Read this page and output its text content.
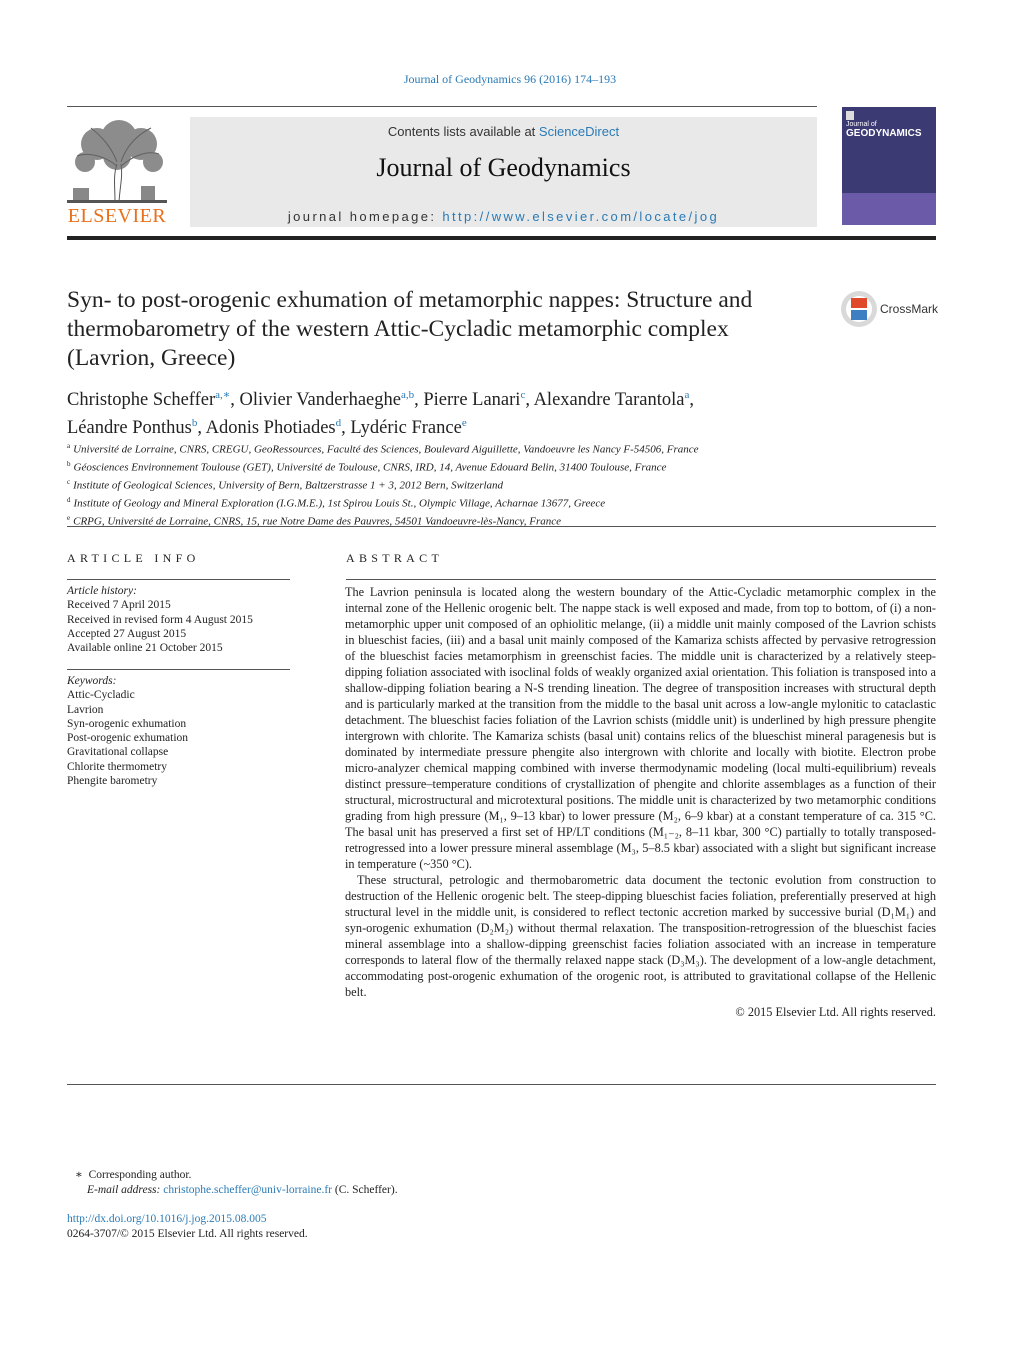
Journal of Geodynamics 96 (2016) 174–193
ELSEVIER
Contents lists available at ScienceDirect
Journal of Geodynamics
journal homepage: http://www.elsevier.com/locate/jog
Journal of
GEODYNAMICS
Syn- to post-orogenic exhumation of metamorphic nappes: Structure and thermobarometry of the western Attic-Cycladic metamorphic complex (Lavrion, Greece)
CrossMark
Christophe Scheffer$^{a,∗}$, Olivier Vanderhaeghe$^{a,b}$, Pierre Lanari$^c$, Alexandre Tarantola$^a$,
Léandre Ponthus$^b$, Adonis Photiades$^d$, Lydéric France$^e$
$^a$ Université de Lorraine, CNRS, CREGU, GeoRessources, Faculté des Sciences, Boulevard Aiguillette, Vandoeuvre les Nancy F-54506, France
$^b$ Géosciences Environnement Toulouse (GET), Université de Toulouse, CNRS, IRD, 14, Avenue Edouard Belin, 31400 Toulouse, France
$^c$ Institute of Geological Sciences, University of Bern, Baltzerstrasse 1 + 3, 2012 Bern, Switzerland
$^d$ Institute of Geology and Mineral Exploration (I.G.M.E.), 1st Spirou Louis St., Olympic Village, Acharnae 13677, Greece
$^e$ CRPG, Université de Lorraine, CNRS, 15, rue Notre Dame des Pauvres, 54501 Vandoeuvre-lès-Nancy, France
ARTICLE INFO	ABSTRACT
Article history:
Received 7 April 2015
Received in revised form 4 August 2015
Accepted 27 August 2015
Available online 21 October 2015
Keywords:
Attic-Cycladic
Lavrion
Syn-orogenic exhumation
Post-orogenic exhumation
Gravitational collapse
Chlorite thermometry
Phengite barometry

The Lavrion peninsula is located along the western boundary of the Attic-Cycladic metamorphic complex in the internal zone of the Hellenic orogenic belt. The nappe stack is well exposed and made, from top to bottom, of (i) a non-metamorphic upper unit composed of an ophiolitic melange, (ii) a middle unit mainly composed of the Lavrion schists in blueschist facies, (iii) and a basal unit mainly composed of the Kamariza schists affected by pervasive retrogression of the blueschist facies metamorphism in greenschist facies. The middle unit is characterized by a relatively steep-dipping foliation associated with isoclinal folds of weakly organized axial orientation. This foliation is transposed into a shallow-dipping foliation bearing a N-S trending lineation. The degree of transposition increases with structural depth and is particularly marked at the transition from the middle to the basal unit across a low-angle mylonitic to cataclastic detachment. The blueschist facies foliation of the Lavrion schists (middle unit) is underlined by high pressure phengite intergrown with chlorite. The Kamariza schists (basal unit) contains relics of the blueschist mineral paragenesis but is dominated by intermediate pressure phengite also intergrown with chlorite and locally with biotite. Electron probe micro-analyzer chemical mapping combined with inverse thermodynamic modeling (local multi-equilibrium) reveals distinct pressure–temperature conditions of crystallization of phengite and chlorite assemblages as a function of their structural, microstructural and microtextural positions. The middle unit is characterized by two metamorphic conditions grading from high pressure (M₁, 9–13 kbar) to lower pressure (M₂, 6–9 kbar) at a constant temperature of ca. 315 °C. The basal unit has preserved a first set of HP/LT conditions (M₁₋₂, 8–11 kbar, 300 °C) partially to totally transposed-retrogressed into a lower pressure mineral assemblage (M₃, 5–8.5 kbar) associated with a slight but significant increase in temperature (~350 °C).

These structural, petrologic and thermobarometric data document the tectonic evolution from construction to destruction of the Hellenic orogenic belt. The steep-dipping blueschist facies foliation, preferentially preserved at high structural level in the middle unit, is considered to reflect tectonic accretion marked by successive burial (D₁M₁) and syn-orogenic exhumation (D₂M₂) without thermal relaxation. The transposition-retrogression of the blueschist facies mineral assemblage into a shallow-dipping greenschist facies foliation associated with an increase in temperature corresponds to lateral flow of the thermally relaxed nappe stack (D₃M₃). The development of a low-angle detachment, accommodating post-orogenic exhumation of the orogenic root, is attributed to gravitational collapse of the Hellenic belt.

© 2015 Elsevier Ltd. All rights reserved.

∗ Corresponding author.
E-mail address: christophe.scheffer@univ-lorraine.fr (C. Scheffer).
http://dx.doi.org/10.1016/j.jog.2015.08.005
0264-3707/© 2015 Elsevier Ltd. All rights reserved.
